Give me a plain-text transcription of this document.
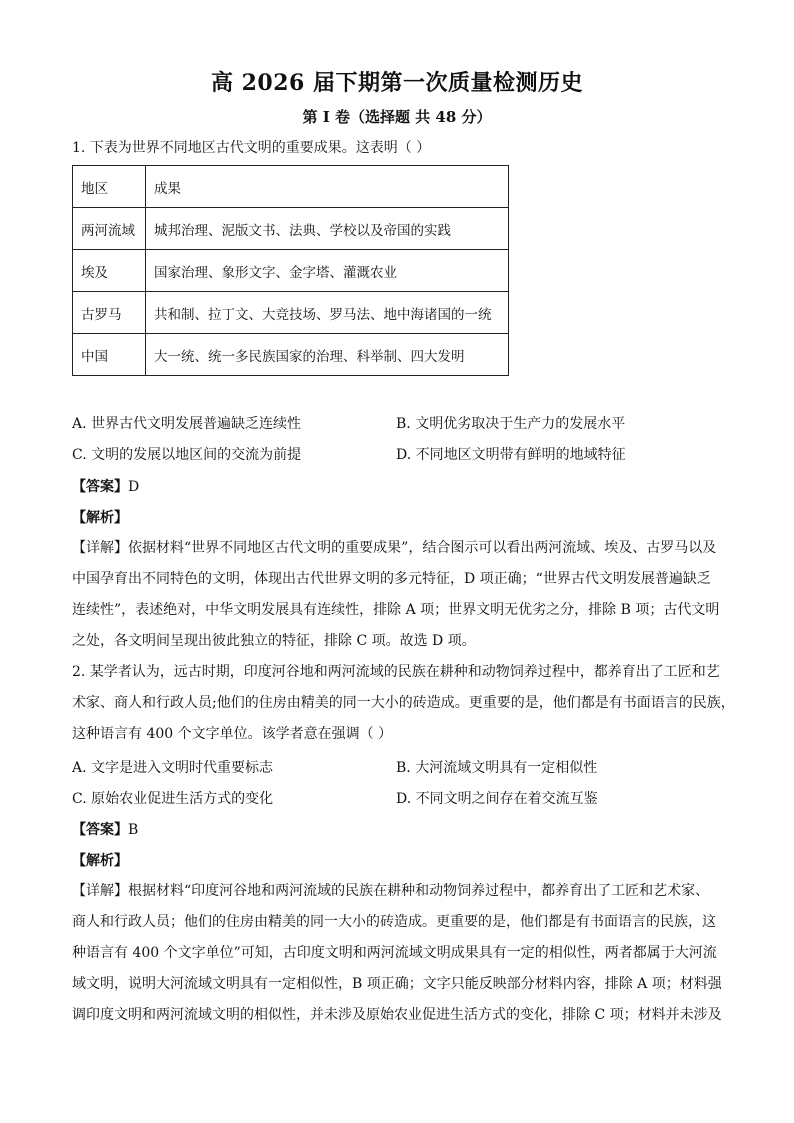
高 2026 届下期第一次质量检测历史
第 I 卷（选择题 共 48 分）
1. 下表为世界不同地区古代文明的重要成果。这表明（ ）
地区	成果
两河流域	城邦治理、泥版文书、法典、学校以及帝国的实践
埃及	国家治理、象形文字、金字塔、灌溉农业
古罗马	共和制、拉丁文、大竞技场、罗马法、地中海诸国的一统
中国	大一统、统一多民族国家的治理、科举制、四大发明
A. 世界古代文明发展普遍缺乏连续性	B. 文明优劣取决于生产力的发展水平
C. 文明的发展以地区间的交流为前提	D. 不同地区文明带有鲜明的地域特征
【答案】D
【解析】
【详解】依据材料“世界不同地区古代文明的重要成果”，结合图示可以看出两河流域、埃及、古罗马以及
中国孕育出不同特色的文明，体现出古代世界文明的多元特征，D 项正确；“世界古代文明发展普遍缺乏
连续性”，表述绝对，中华文明发展具有连续性，排除 A 项；世界文明无优劣之分，排除 B 项；古代文明
之处，各文明间呈现出彼此独立的特征，排除 C 项。故选 D 项。
2. 某学者认为，远古时期，印度河谷地和两河流域的民族在耕种和动物饲养过程中，都养育出了工匠和艺
术家、商人和行政人员;他们的住房由精美的同一大小的砖造成。更重要的是，他们都是有书面语言的民族，
这种语言有 400 个文字单位。该学者意在强调（ ）
A. 文字是进入文明时代重要标志	B. 大河流域文明具有一定相似性
C. 原始农业促进生活方式的变化	D. 不同文明之间存在着交流互鉴
【答案】B
【解析】
【详解】根据材料“印度河谷地和两河流域的民族在耕种和动物饲养过程中，都养育出了工匠和艺术家、
商人和行政人员；他们的住房由精美的同一大小的砖造成。更重要的是，他们都是有书面语言的民族，这
种语言有 400 个文字单位”可知，古印度文明和两河流域文明成果具有一定的相似性，两者都属于大河流
域文明，说明大河流域文明具有一定相似性，B 项正确；文字只能反映部分材料内容，排除 A 项；材料强
调印度文明和两河流域文明的相似性，并未涉及原始农业促进生活方式的变化，排除 C 项；材料并未涉及
